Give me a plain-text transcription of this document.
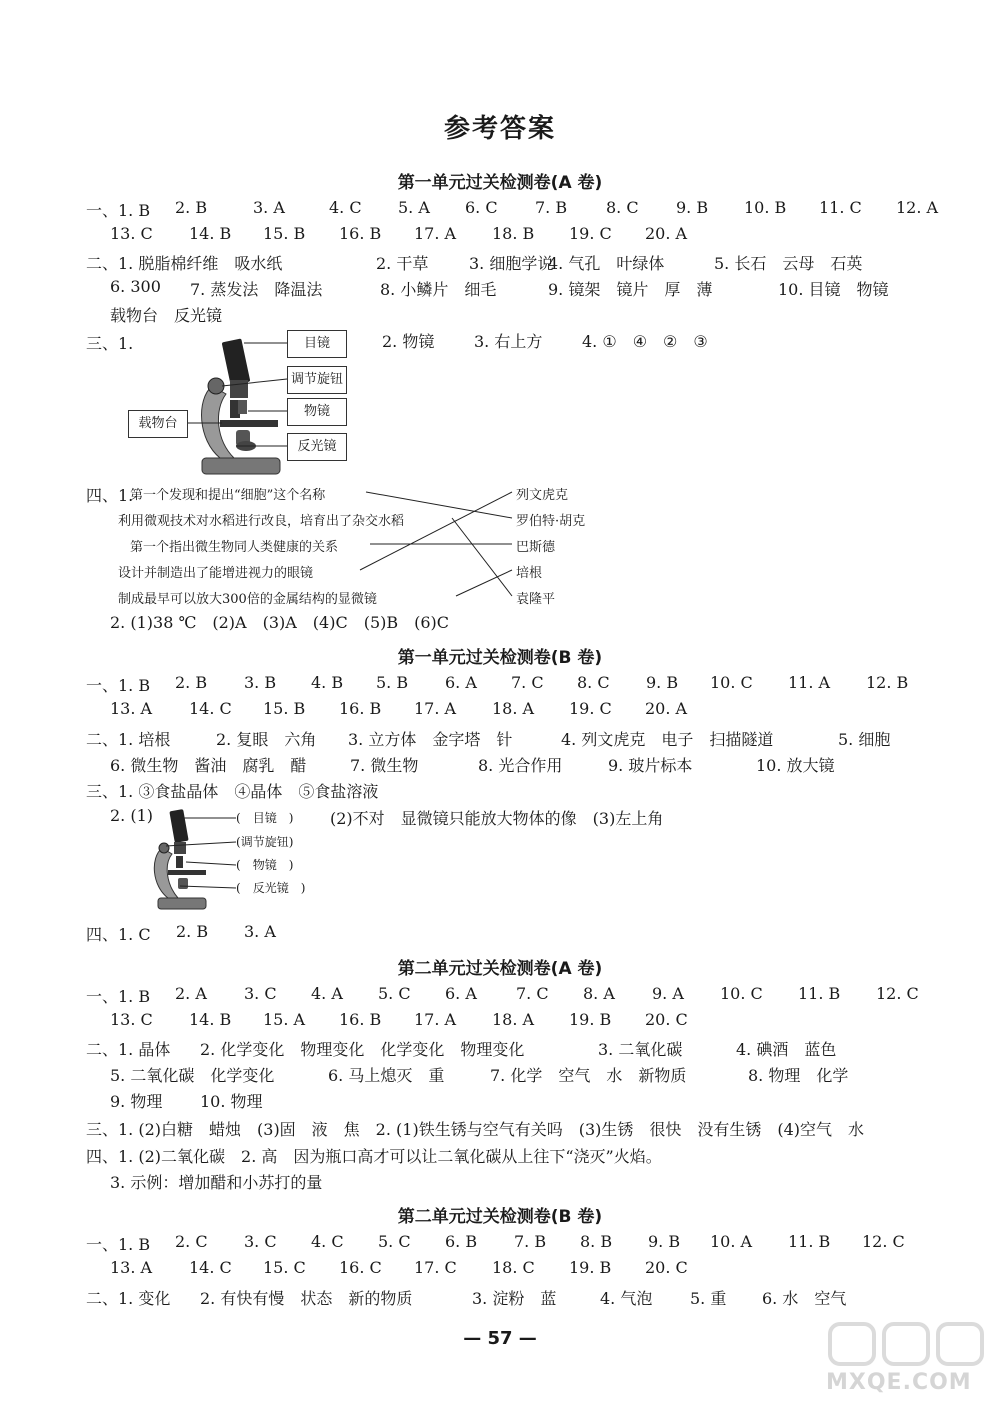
参考答案
第一单元过关检测卷(A 卷)
一、1. B 2. B	3. A	4. C 5. A 6. C 7. B 8. C 9. B 10. B 11. C 12. A
13. C 14. B 15. B 16. B 17. A 18. B 19. C 20. A
二、1. 脱脂棉纤维　吸水纸	2. 干草	3. 细胞学说
4. 气孔　叶绿体	5. 长石　云母　石英
6. 300 7. 蒸发法　降温法	8. 小鳞片　细毛	9. 镜架　镜片　厚　薄	10. 目镜　物镜
载物台　反光镜
三、1.	2. 物镜 3. 右上方 4. ①　④　②　③
目镜
调节旋钮
物镜
载物台
反光镜
四、1.
第一个发现和提出“细胞”这个名称
利用微观技术对水稻进行改良，培育出了杂交水稻
第一个指出微生物同人类健康的关系
设计并制造出了能增进视力的眼镜
制成最早可以放大300倍的金属结构的显微镜
列文虎克
罗伯特·胡克
巴斯德
培根
袁隆平
2. (1)38 ℃　(2)A　(3)A　(4)C　(5)B　(6)C
第一单元过关检测卷(B 卷)
一、1. B 2. B 3. B 4. B 5. B 6. A 7. C 8. C 9. B 10. C 11. A 12. B
13. A 14. C 15. B 16. B 17. A 18. A 19. C 20. A
二、1. 培根	2. 复眼　六角 3. 立方体　金字塔　针	4. 列文虎克　电子　扫描隧道	5. 细胞
6. 微生物　酱油　腐乳　醋	7. 微生物	8. 光合作用	9. 玻片标本	10. 放大镜
三、1. ③食盐晶体　④晶体　⑤食盐溶液
2. (1)	(2)不对　显微镜只能放大物体的像　(3)左上角
(　目镜　)
(调节旋钮)
(　物镜　)
(　反光镜　)
四、1. C 2. B 3. A
第二单元过关检测卷(A 卷)
一、1. B 2. A 3. C 4. A 5. C 6. A 7. C 8. A 9. A 10. C 11. B 12. C
13. C 14. B 15. A 16. B 17. A 18. A 19. B 20. C
二、1. 晶体 2. 化学变化　物理变化　化学变化　物理变化	3. 二氧化碳	4. 碘酒　蓝色
5. 二氧化碳　化学变化	6. 马上熄灭　重	7. 化学　空气　水　新物质	8. 物理　化学
9. 物理 10. 物理
三、1. (2)白糖　蜡烛　(3)固　液　焦　2. (1)铁生锈与空气有关吗　(3)生锈　很快　没有生锈　(4)空气　水
四、1. (2)二氧化碳　2. 高　因为瓶口高才可以让二氧化碳从上往下“浇灭”火焰。
3. 示例：增加醋和小苏打的量
第二单元过关检测卷(B 卷)
一、1. B 2. C 3. C 4. C 5. C 6. B 7. B 8. B 9. B 10. A 11. B 12. C
13. A 14. C 15. C 16. C 17. C 18. C 19. B 20. C
二、1. 变化 2. 有快有慢　状态　新的物质	3. 淀粉　蓝	4. 气泡 5. 重 6. 水　空气
— 57 —
MXQE.COM
